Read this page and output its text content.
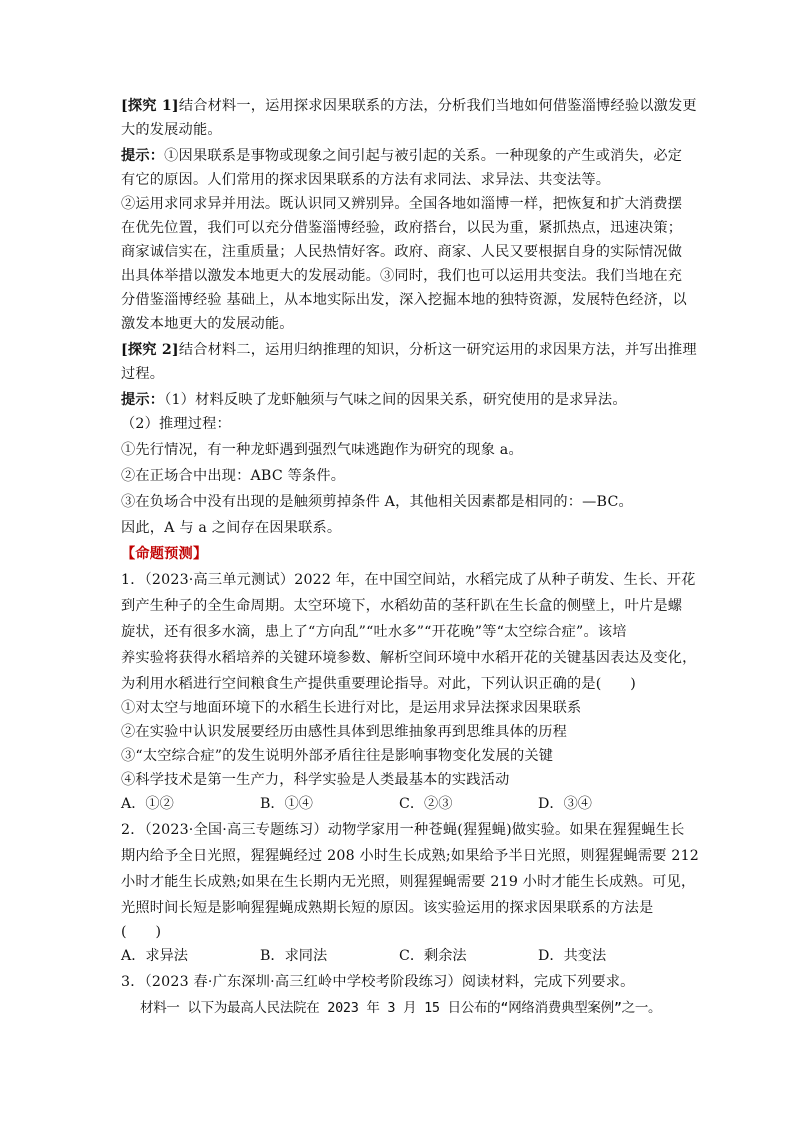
[探究 1]结合材料一，运用探求因果联系的方法，分析我们当地如何借鉴淄博经验以激发更
大的发展动能。
提示：①因果联系是事物或现象之间引起与被引起的关系。一种现象的产生或消失，必定
有它的原因。人们常用的探求因果联系的方法有求同法、求异法、共变法等。
②运用求同求异并用法。既认识同又辨别异。全国各地如淄博一样，把恢复和扩大消费摆
在优先位置，我们可以充分借鉴淄博经验，政府搭台，以民为重，紧抓热点，迅速决策；
商家诚信实在，注重质量；人民热情好客。政府、商家、人民又要根据自身的实际情况做
出具体举措以激发本地更大的发展动能。③同时，我们也可以运用共变法。我们当地在充
分借鉴淄博经验 基础上，从本地实际出发，深入挖掘本地的独特资源，发展特色经济，以
激发本地更大的发展动能。
[探究 2]结合材料二，运用归纳推理的知识，分析这一研究运用的求因果方法，并写出推理
过程。
提示：（1）材料反映了龙虾触须与气味之间的因果关系，研究使用的是求异法。
（2）推理过程：
①先行情况，有一种龙虾遇到强烈气味逃跑作为研究的现象 a。
②在正场合中出现：ABC 等条件。
③在负场合中没有出现的是触须剪掉条件 A，其他相关因素都是相同的：—BC。
因此，A 与 a 之间存在因果联系。
【命题预测】
1．（2023·高三单元测试）2022 年，在中国空间站，水稻完成了从种子萌发、生长、开花
到产生种子的全生命周期。太空环境下，水稻幼苗的茎秆趴在生长盒的侧壁上，叶片是螺
旋状，还有很多水滴，患上了“方向乱”“吐水多”“开花晚”等“太空综合症”。该培
养实验将获得水稻培养的关键环境参数、解析空间环境中水稻开花的关键基因表达及变化，
为利用水稻进行空间粮食生产提供重要理论指导。对此，下列认识正确的是(　　)
①对太空与地面环境下的水稻生长进行对比，是运用求异法探求因果联系
②在实验中认识发展要经历由感性具体到思维抽象再到思维具体的历程
③“太空综合症”的发生说明外部矛盾往往是影响事物变化发展的关键
④科学技术是第一生产力，科学实验是人类最基本的实践活动
A．①②	B．①④	C．②③	D．③④
2．（2023·全国·高三专题练习）动物学家用一种苍蝇(猩猩蝇)做实验。如果在猩猩蝇生长
期内给予全日光照，猩猩蝇经过 208 小时生长成熟;如果给予半日光照，则猩猩蝇需要 212
小时才能生长成熟;如果在生长期内无光照，则猩猩蝇需要 219 小时才能生长成熟。可见，
光照时间长短是影响猩猩蝇成熟期长短的原因。该实验运用的探求因果联系的方法是
(　　)
A．求异法	B．求同法	C．剩余法	D．共变法
3．（2023 春·广东深圳·高三红岭中学校考阶段练习）阅读材料，完成下列要求。
材料一 以下为最高人民法院在 2023 年 3 月 15 日公布的“网络消费典型案例”之一。
